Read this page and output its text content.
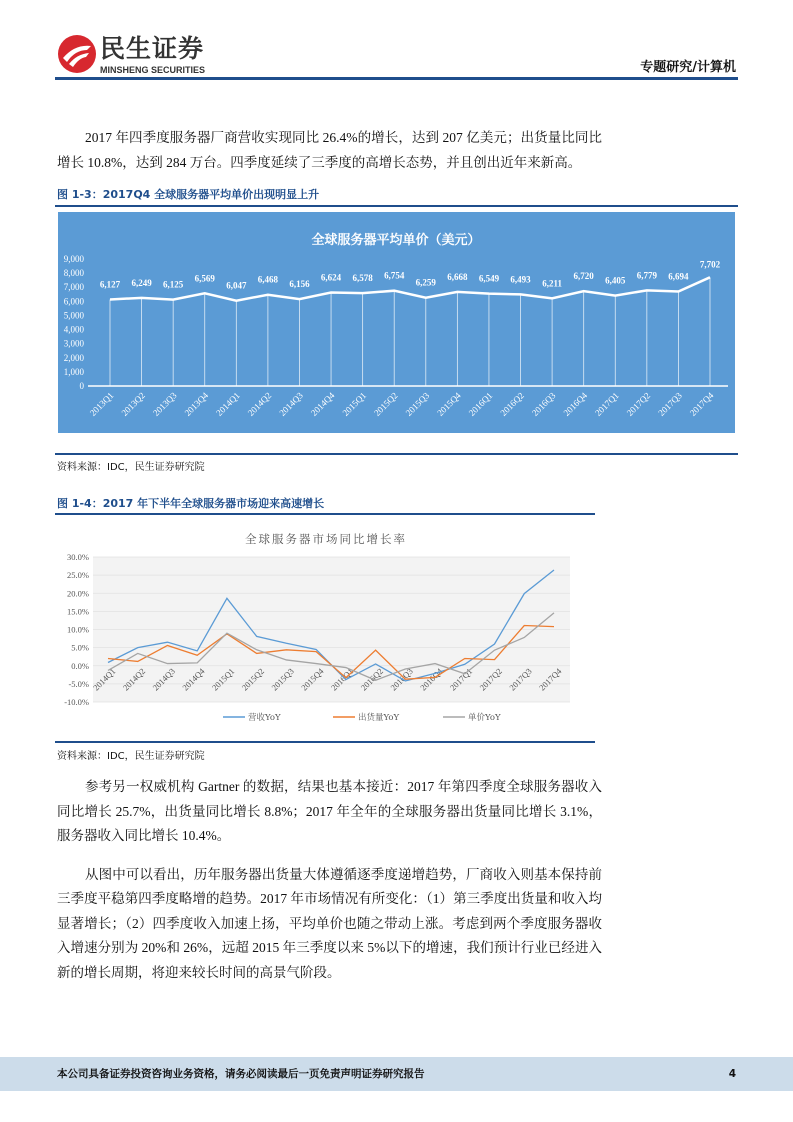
民生证券
MINSHENG SECURITIES	专题研究/计算机
2017 年四季度服务器厂商营收实现同比 26.4%的增长，达到 207 亿美元；出货量比同比增长 10.8%，达到 284 万台。四季度延续了三季度的高增长态势，并且创出近年来新高。
图 1-3：2017Q4 全球服务器平均单价出现明显上升
全球服务器平均单价（美元）
0
1,000
2,000
3,000
4,000
5,000
6,000
7,000
8,000
9,000
6,127
2013Q1
6,249
2013Q2
6,125
2013Q3
6,569
2013Q4
6,047
2014Q1
6,468
2014Q2
6,156
2014Q3
6,624
2014Q4
6,578
2015Q1
6,754
2015Q2
6,259
2015Q3
6,668
2015Q4
6,549
2016Q1
6,493
2016Q2
6,211
2016Q3
6,720
2016Q4
6,405
2017Q1
6,779
2017Q2
6,694
2017Q3
7,702
2017Q4
资料来源：IDC，民生证券研究院
图 1-4：2017 年下半年全球服务器市场迎来高速增长
全球服务器市场同比增长率
-10.0%
-5.0%
0.0%
5.0%
10.0%
15.0%
20.0%
25.0%
30.0%
2014Q1 2014Q2 2014Q3 2014Q4 2015Q1 2015Q2 2015Q3 2015Q4 2016Q1 2016Q2 2016Q3 2016Q4 2017Q1 2017Q2 2017Q3 2017Q4
营收YoY	出货量YoY	单价YoY
资料来源：IDC，民生证券研究院
参考另一权威机构 Gartner 的数据，结果也基本接近：2017 年第四季度全球服务器收入同比增长 25.7%，出货量同比增长 8.8%；2017 年全年的全球服务器出货量同比增长 3.1%，服务器收入同比增长 10.4%。
从图中可以看出，历年服务器出货量大体遵循逐季度递增趋势，厂商收入则基本保持前三季度平稳第四季度略增的趋势。2017 年市场情况有所变化：（1）第三季度出货量和收入均显著增长；（2）四季度收入加速上扬，平均单价也随之带动上涨。考虑到两个季度服务器收入增速分别为 20%和 26%，远超 2015 年三季度以来 5%以下的增速，我们预计行业已经进入新的增长周期，将迎来较长时间的高景气阶段。
本公司具备证券投资咨询业务资格，请务必阅读最后一页免责声明证券研究报告	4
